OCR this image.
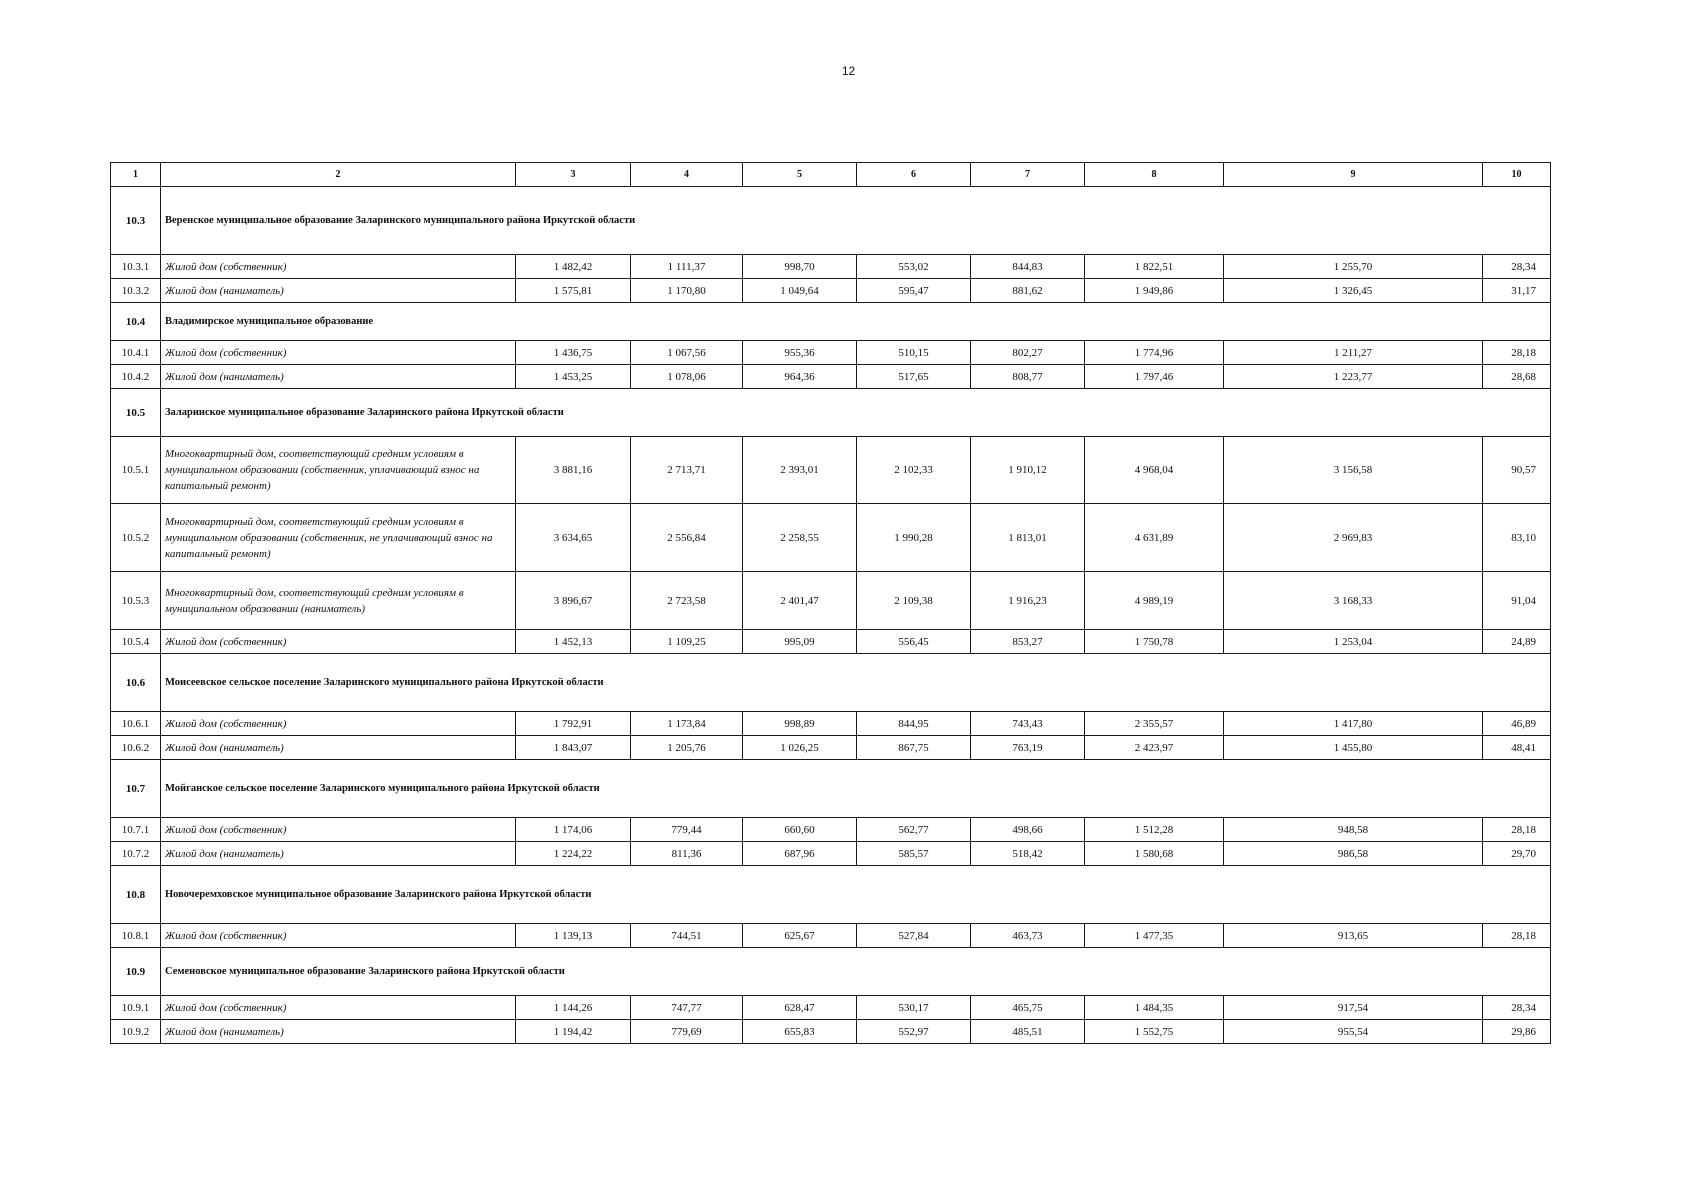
12
1	2	3	4	5	6	7	8	9	10
10.3	Веренское муниципальное образование Заларинского муниципального района Иркутской области								
10.3.1	Жилой дом (собственник)	1 482,42	1 111,37	998,70	553,02	844,83	1 822,51	1 255,70	28,34
10.3.2	Жилой дом (наниматель)	1 575,81	1 170,80	1 049,64	595,47	881,62	1 949,86	1 326,45	31,17
10.4	Владимирское муниципальное образование								
10.4.1	Жилой дом (собственник)	1 436,75	1 067,56	955,36	510,15	802,27	1 774,96	1 211,27	28,18
10.4.2	Жилой дом (наниматель)	1 453,25	1 078,06	964,36	517,65	808,77	1 797,46	1 223,77	28,68
10.5	Заларинское муниципальное образование Заларинского района Иркутской области								
10.5.1	Многоквартирный дом, соответствующий средним условиям в муниципальном образовании (собственник, уплачивающий взнос на капитальный ремонт)	3 881,16	2 713,71	2 393,01	2 102,33	1 910,12	4 968,04	3 156,58	90,57
10.5.2	Многоквартирный дом, соответствующий средним условиям в муниципальном образовании (собственник, не уплачивающий взнос на капитальный ремонт)	3 634,65	2 556,84	2 258,55	1 990,28	1 813,01	4 631,89	2 969,83	83,10
10.5.3	Многоквартирный дом, соответствующий средним условиям в муниципальном образовании (наниматель)	3 896,67	2 723,58	2 401,47	2 109,38	1 916,23	4 989,19	3 168,33	91,04
10.5.4	Жилой дом (собственник)	1 452,13	1 109,25	995,09	556,45	853,27	1 750,78	1 253,04	24,89
10.6	Моисеевское сельское поселение Заларинского муниципального района Иркутской области								
10.6.1	Жилой дом (собственник)	1 792,91	1 173,84	998,89	844,95	743,43	2 355,57	1 417,80	46,89
10.6.2	Жилой дом (наниматель)	1 843,07	1 205,76	1 026,25	867,75	763,19	2 423,97	1 455,80	48,41
10.7	Мойганское сельское поселение Заларинского муниципального района Иркутской области								
10.7.1	Жилой дом (собственник)	1 174,06	779,44	660,60	562,77	498,66	1 512,28	948,58	28,18
10.7.2	Жилой дом (наниматель)	1 224,22	811,36	687,96	585,57	518,42	1 580,68	986,58	29,70
10.8	Новочеремховское муниципальное образование Заларинского района Иркутской области								
10.8.1	Жилой дом (собственник)	1 139,13	744,51	625,67	527,84	463,73	1 477,35	913,65	28,18
10.9	Семеновское муниципальное образование Заларинского района Иркутской области								
10.9.1	Жилой дом (собственник)	1 144,26	747,77	628,47	530,17	465,75	1 484,35	917,54	28,34
10.9.2	Жилой дом (наниматель)	1 194,42	779,69	655,83	552,97	485,51	1 552,75	955,54	29,86
